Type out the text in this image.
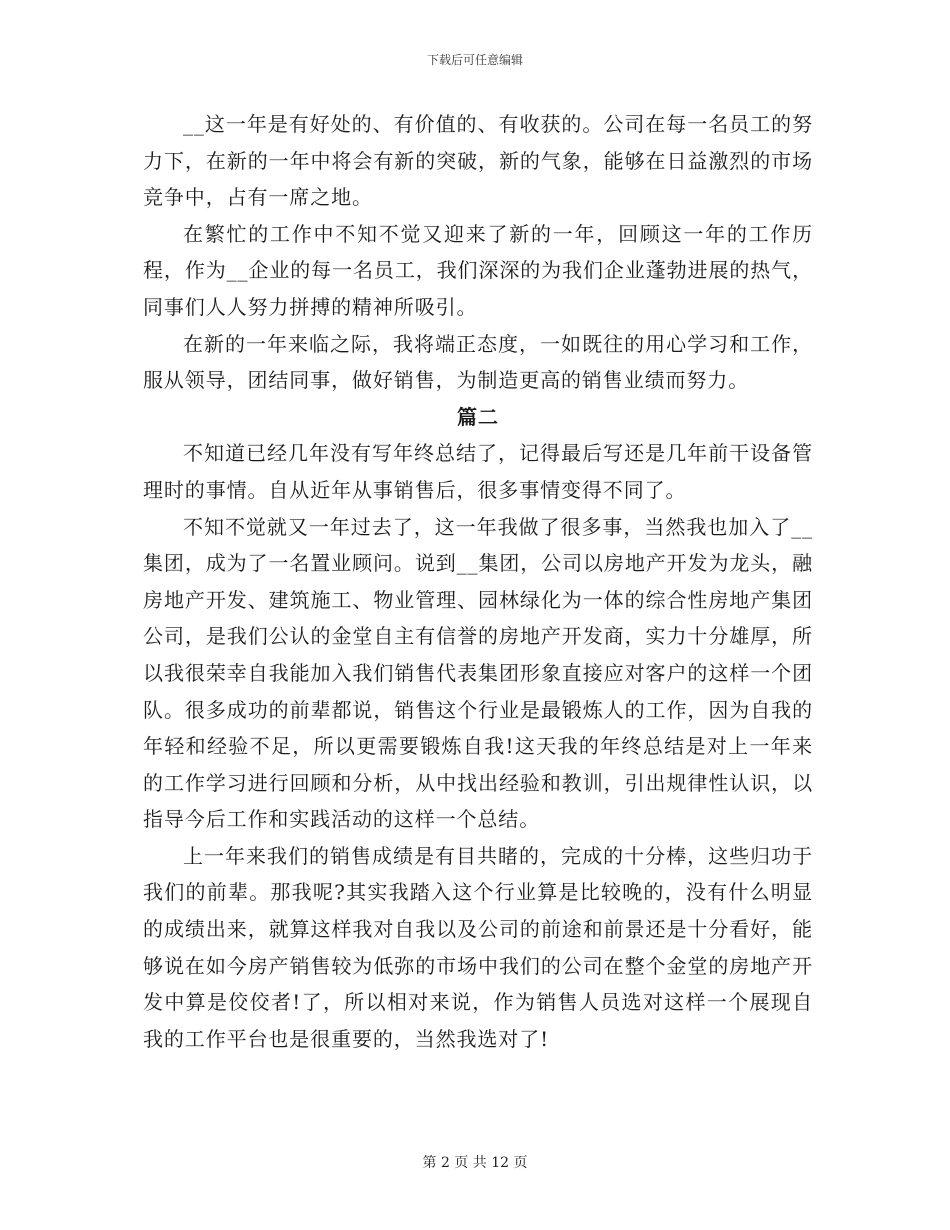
下载后可任意编辑

__这一年是有好处的、有价值的、有收获的。公司在每一名员工的努力下，在新的一年中将会有新的突破，新的气象，能够在日益激烈的市场竞争中，占有一席之地。

在繁忙的工作中不知不觉又迎来了新的一年，回顾这一年的工作历程，作为__企业的每一名员工，我们深深的为我们企业蓬勃进展的热气，同事们人人努力拼搏的精神所吸引。

在新的一年来临之际，我将端正态度，一如既往的用心学习和工作，服从领导，团结同事，做好销售，为制造更高的销售业绩而努力。

篇二

不知道已经几年没有写年终总结了，记得最后写还是几年前干设备管理时的事情。自从近年从事销售后，很多事情变得不同了。

不知不觉就又一年过去了，这一年我做了很多事，当然我也加入了__集团，成为了一名置业顾问。说到__集团，公司以房地产开发为龙头，融房地产开发、建筑施工、物业管理、园林绿化为一体的综合性房地产集团公司，是我们公认的金堂自主有信誉的房地产开发商，实力十分雄厚，所以我很荣幸自我能加入我们销售代表集团形象直接应对客户的这样一个团队。很多成功的前辈都说，销售这个行业是最锻炼人的工作，因为自我的年轻和经验不足，所以更需要锻炼自我!这天我的年终总结是对上一年来的工作学习进行回顾和分析，从中找出经验和教训，引出规律性认识，以指导今后工作和实践活动的这样一个总结。

上一年来我们的销售成绩是有目共睹的，完成的十分棒，这些归功于我们的前辈。那我呢?其实我踏入这个行业算是比较晚的，没有什么明显的成绩出来，就算这样我对自我以及公司的前途和前景还是十分看好，能够说在如今房产销售较为低弥的市场中我们的公司在整个金堂的房地产开发中算是佼佼者!了，所以相对来说，作为销售人员选对这样一个展现自我的工作平台也是很重要的，当然我选对了!

第 2 页 共 12 页
